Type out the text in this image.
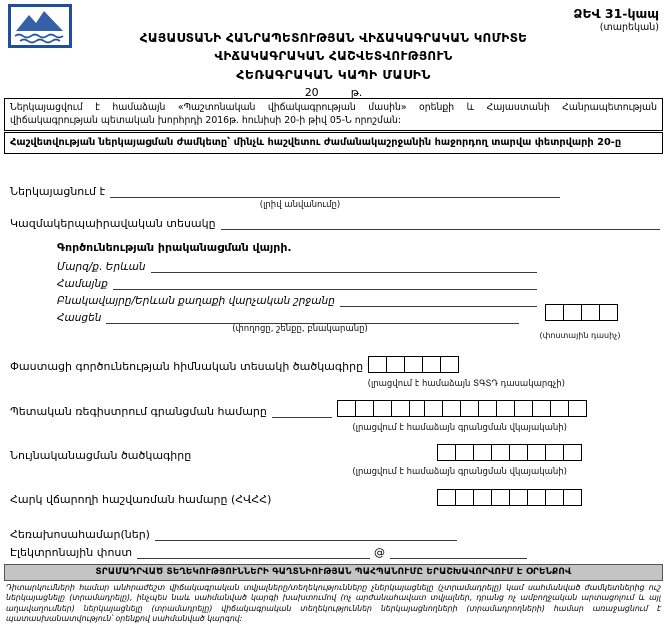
ՁԵՎ 31-կապ
(տարեկան)
ՀԱՅԱՍՏԱՆԻ ՀԱՆՐԱՊԵՏՈՒԹՅԱՆ ՎԻՃԱԿԱԳՐԱԿԱՆ ԿՈՄԻՏԵ
ՎԻՃԱԿԱԳՐԱԿԱՆ ՀԱՇՎԵՏՎՈՒԹՅՈՒՆ
ՀԵՌԱԳՐԱԿԱՆ ԿԱՊԻ ՄԱՍԻՆ
20	թ.
Ներկայացվում է համաձայն «Պաշտոնական վիճակագրության մասին» օրենքի և Հայաստանի Հանրապետության վիճակագրության պետական խորհրդի 2016թ. հունիսի 20-ի թիվ 05-Ն որոշման:
Հաշվետվության ներկայացման ժամկետը՝ մինչև հաշվետու ժամանակաշրջանին հաջորդող տարվա փետրվարի 20-ը
Ներկայացնում է
(լրիվ անվանումը)
Կազմակերպաիրավական տեսակը
Գործունեության իրականացման վայրի.
Մարզ/ք. Երևան
Համայնք
Բնակավայրը/Երևան քաղաքի վարչական շրջանը
Հասցեն
(փողոցը, շենքը, բնակարանը)
(փոստային դասիչ)
Փաստացի գործունեության հիմնական տեսակի ծածկագիրը
(լրացվում է համաձայն ՏԳՏԴ դասակարգչի)
Պետական ռեգիստրում գրանցման համարը
(լրացվում է համաձայն գրանցման վկայականի)
Նույնականացման ծածկագիրը
(լրացվում է համաձայն գրանցման վկայականի)
Հարկ վճարողի հաշվառման համարը (ՀՎՀՀ)
Հեռախոսահամար(ներ)
Էլեկտրոնային փոստ	@
ՏՐԱՄԱԴՐՎԱԾ ՏԵՂԵԿՈՒԹՅՈՒՆՆԵՐԻ ԳԱՂՏՆԻՈՒԹՅԱՆ ՊԱՀՊԱՆՈՒՄԸ ԵՐԱՇԽԱՎՈՐՎՈՒՄ Է ՕՐԵՆՔՈՎ
Դիտարկումների համար անհրաժեշտ վիճակագրական տվյալները/տեղեկությունները չներկայացնելը (չտրամադրելը) կամ սահմանված ժամկետներից ուշ ներկայացնելը (տրամադրելը), ինչպես նաև սահմանված կարգի խախտումով (ոչ արժանահավատ տվյալներ, դրանց ոչ ամբողջական արտացոլում և այլ աղավաղումներ) ներկայացնելը (տրամադրելը) վիճակագրական տեղեկություններ ներկայացնողների (տրամադրողների) համար առաջացնում է պատասխանատվություն՝ օրենքով սահմանված կարգով:
